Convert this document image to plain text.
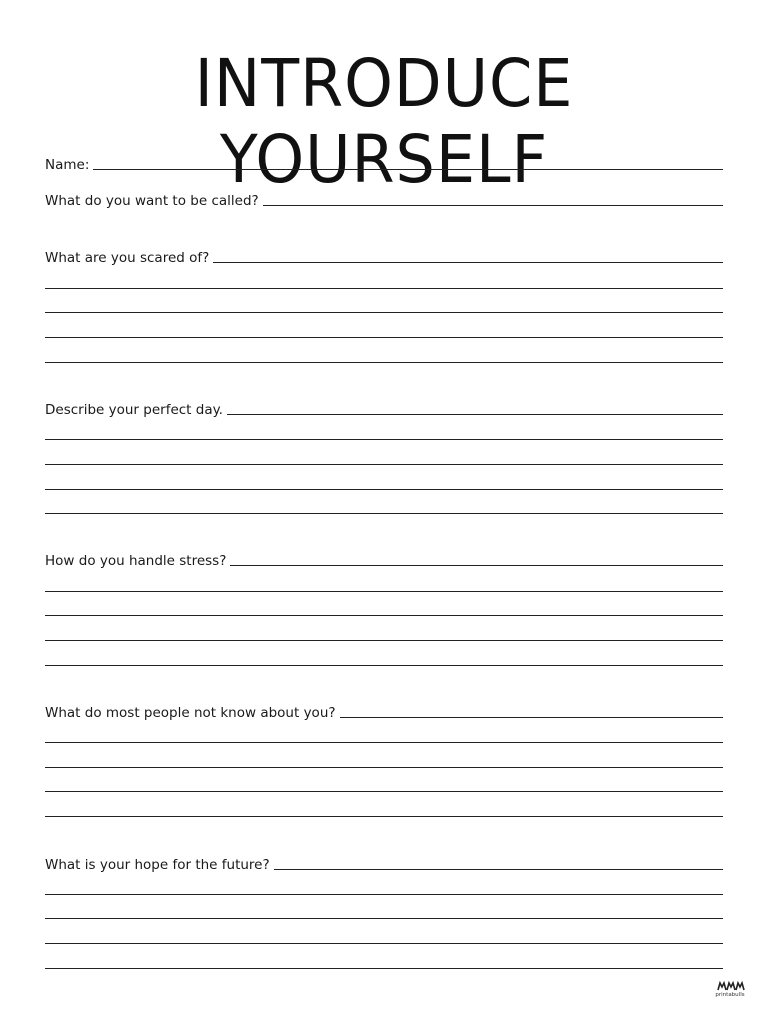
INTRODUCE YOURSELF
Name:
What do you want to be called?
What are you scared of?
Describe your perfect day.
How do you handle stress?
What do most people not know about you?
What is your hope for the future?
printabulls
